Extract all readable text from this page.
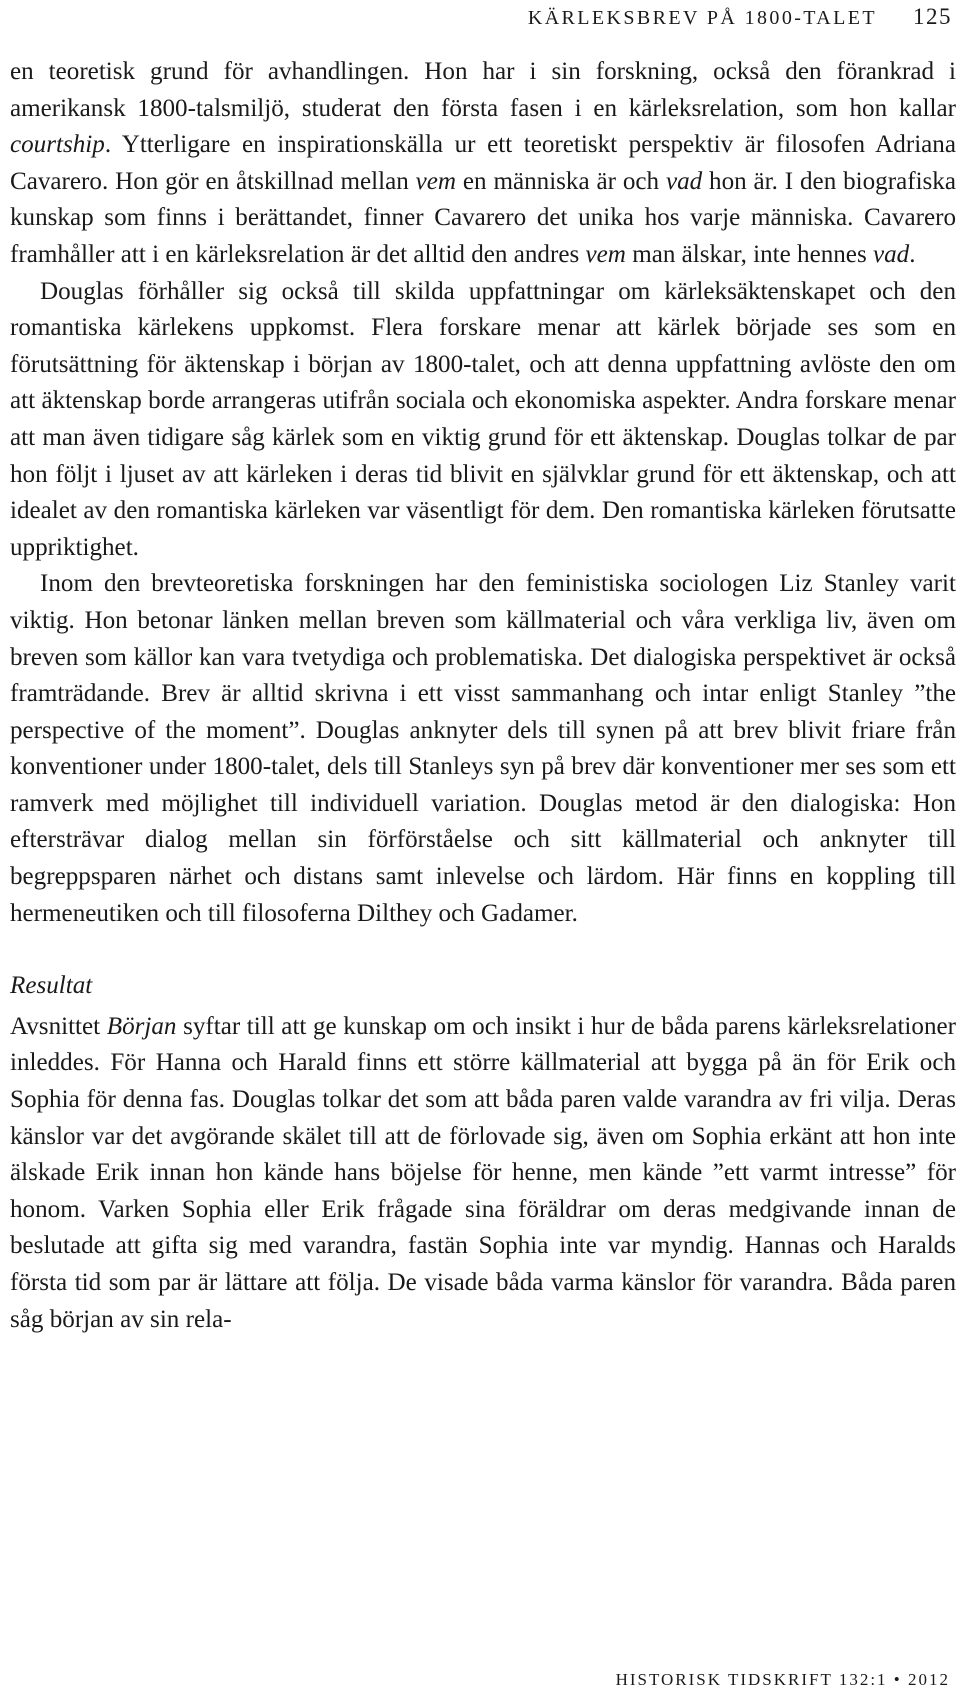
KÄRLEKSBREV PÅ 1800-TALET 125

en teoretisk grund för avhandlingen. Hon har i sin forskning, också den förankrad i amerikansk 1800-talsmiljö, studerat den första fasen i en kärleksrelation, som hon kallar courtship. Ytterligare en inspirationskälla ur ett teoretiskt perspektiv är filosofen Adriana Cavarero. Hon gör en åtskillnad mellan vem en människa är och vad hon är. I den biografiska kunskap som finns i berättandet, finner Cavarero det unika hos varje människa. Cavarero framhåller att i en kärleksrelation är det alltid den andres vem man älskar, inte hennes vad.

Douglas förhåller sig också till skilda uppfattningar om kärleksäktenskapet och den romantiska kärlekens uppkomst. Flera forskare menar att kärlek började ses som en förutsättning för äktenskap i början av 1800-talet, och att denna uppfattning avlöste den om att äktenskap borde arrangeras utifrån sociala och ekonomiska aspekter. Andra forskare menar att man även tidigare såg kärlek som en viktig grund för ett äktenskap. Douglas tolkar de par hon följt i ljuset av att kärleken i deras tid blivit en självklar grund för ett äktenskap, och att idealet av den romantiska kärleken var väsentligt för dem. Den romantiska kärleken förutsatte uppriktighet.

Inom den brevteoretiska forskningen har den feministiska sociologen Liz Stanley varit viktig. Hon betonar länken mellan breven som källmaterial och våra verkliga liv, även om breven som källor kan vara tvetydiga och problematiska. Det dialogiska perspektivet är också framträdande. Brev är alltid skrivna i ett visst sammanhang och intar enligt Stanley ”the perspective of the moment”. Douglas anknyter dels till synen på att brev blivit friare från konventioner under 1800-talet, dels till Stanleys syn på brev där konventioner mer ses som ett ramverk med möjlighet till individuell variation. Douglas metod är den dialogiska: Hon eftersträvar dialog mellan sin förförståelse och sitt källmaterial och anknyter till begreppsparen närhet och distans samt inlevelse och lärdom. Här finns en koppling till hermeneutiken och till filosoferna Dilthey och Gadamer.

Resultat

Avsnittet Början syftar till att ge kunskap om och insikt i hur de båda parens kärleksrelationer inleddes. För Hanna och Harald finns ett större källmaterial att bygga på än för Erik och Sophia för denna fas. Douglas tolkar det som att båda paren valde varandra av fri vilja. Deras känslor var det avgörande skälet till att de förlovade sig, även om Sophia erkänt att hon inte älskade Erik innan hon kände hans böjelse för henne, men kände ”ett varmt intresse” för honom. Varken Sophia eller Erik frågade sina föräldrar om deras medgivande innan de beslutade att gifta sig med varandra, fastän Sophia inte var myndig. Hannas och Haralds första tid som par är lättare att följa. De visade båda varma känslor för varandra. Båda paren såg början av sin rela-

HISTORISK TIDSKRIFT 132:1 • 2012
